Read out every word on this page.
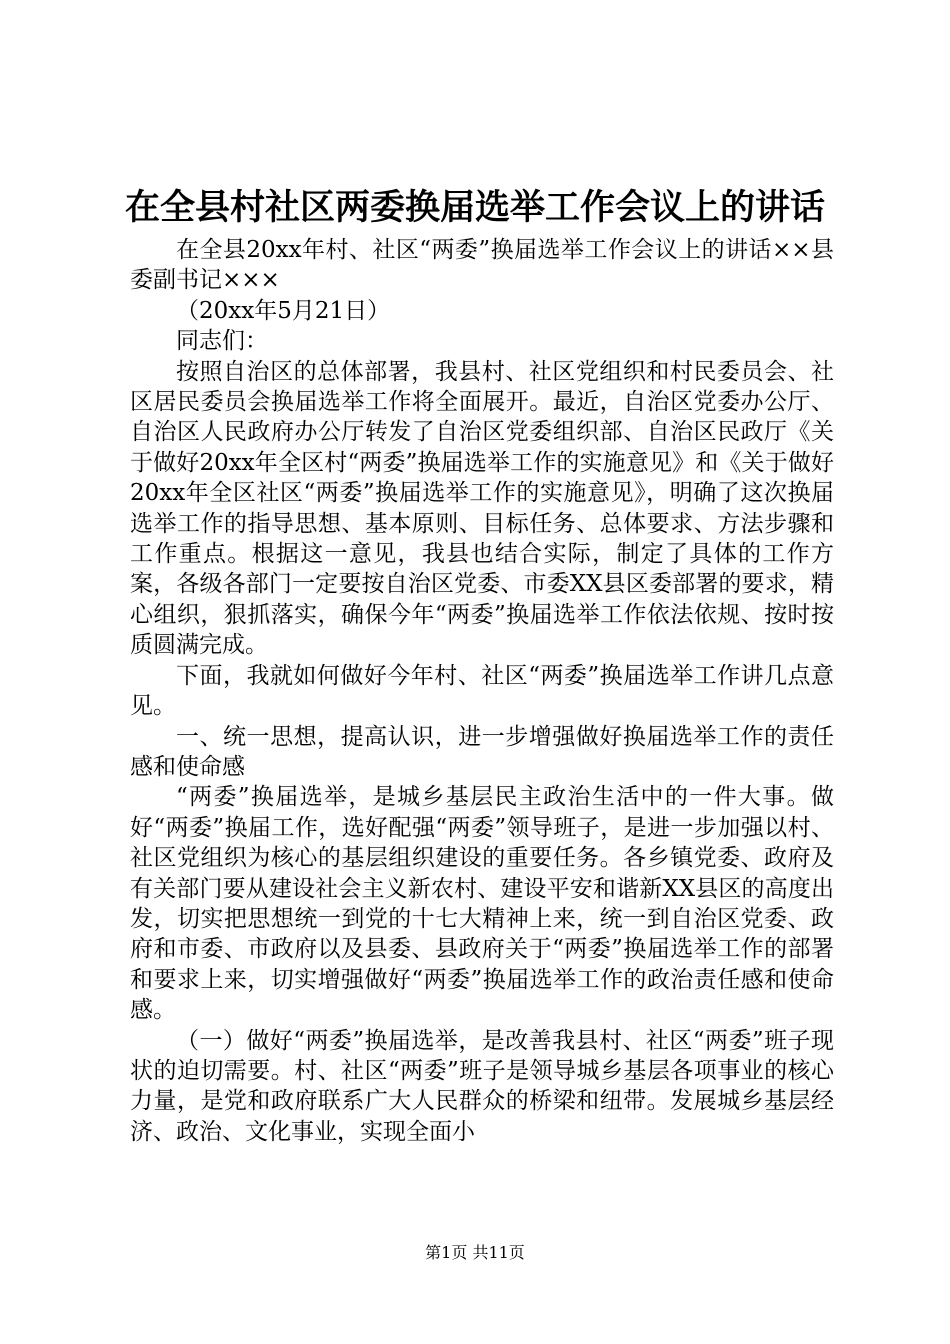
在全县村社区两委换届选举工作会议上的讲话

在全县20xx年村、社区“两委”换届选举工作会议上的讲话××县委副书记×××

（20xx年5月21日）

同志们：

按照自治区的总体部署，我县村、社区党组织和村民委员会、社区居民委员会换届选举工作将全面展开。最近，自治区党委办公厅、自治区人民政府办公厅转发了自治区党委组织部、自治区民政厅《关于做好20xx年全区村“两委”换届选举工作的实施意见》和《关于做好20xx年全区社区“两委”换届选举工作的实施意见》，明确了这次换届选举工作的指导思想、基本原则、目标任务、总体要求、方法步骤和工作重点。根据这一意见，我县也结合实际，制定了具体的工作方案，各级各部门一定要按自治区党委、市委XX县区委部署的要求，精心组织，狠抓落实，确保今年“两委”换届选举工作依法依规、按时按质圆满完成。

下面，我就如何做好今年村、社区“两委”换届选举工作讲几点意见。

一、统一思想，提高认识，进一步增强做好换届选举工作的责任感和使命感

“两委”换届选举，是城乡基层民主政治生活中的一件大事。做好“两委”换届工作，选好配强“两委”领导班子，是进一步加强以村、社区党组织为核心的基层组织建设的重要任务。各乡镇党委、政府及有关部门要从建设社会主义新农村、建设平安和谐新XX县区的高度出发，切实把思想统一到党的十七大精神上来，统一到自治区党委、政府和市委、市政府以及县委、县政府关于“两委”换届选举工作的部署和要求上来，切实增强做好“两委”换届选举工作的政治责任感和使命感。

（一）做好“两委”换届选举，是改善我县村、社区“两委”班子现状的迫切需要。村、社区“两委”班子是领导城乡基层各项事业的核心力量，是党和政府联系广大人民群众的桥梁和纽带。发展城乡基层经济、政治、文化事业，实现全面小

第1页 共11页
